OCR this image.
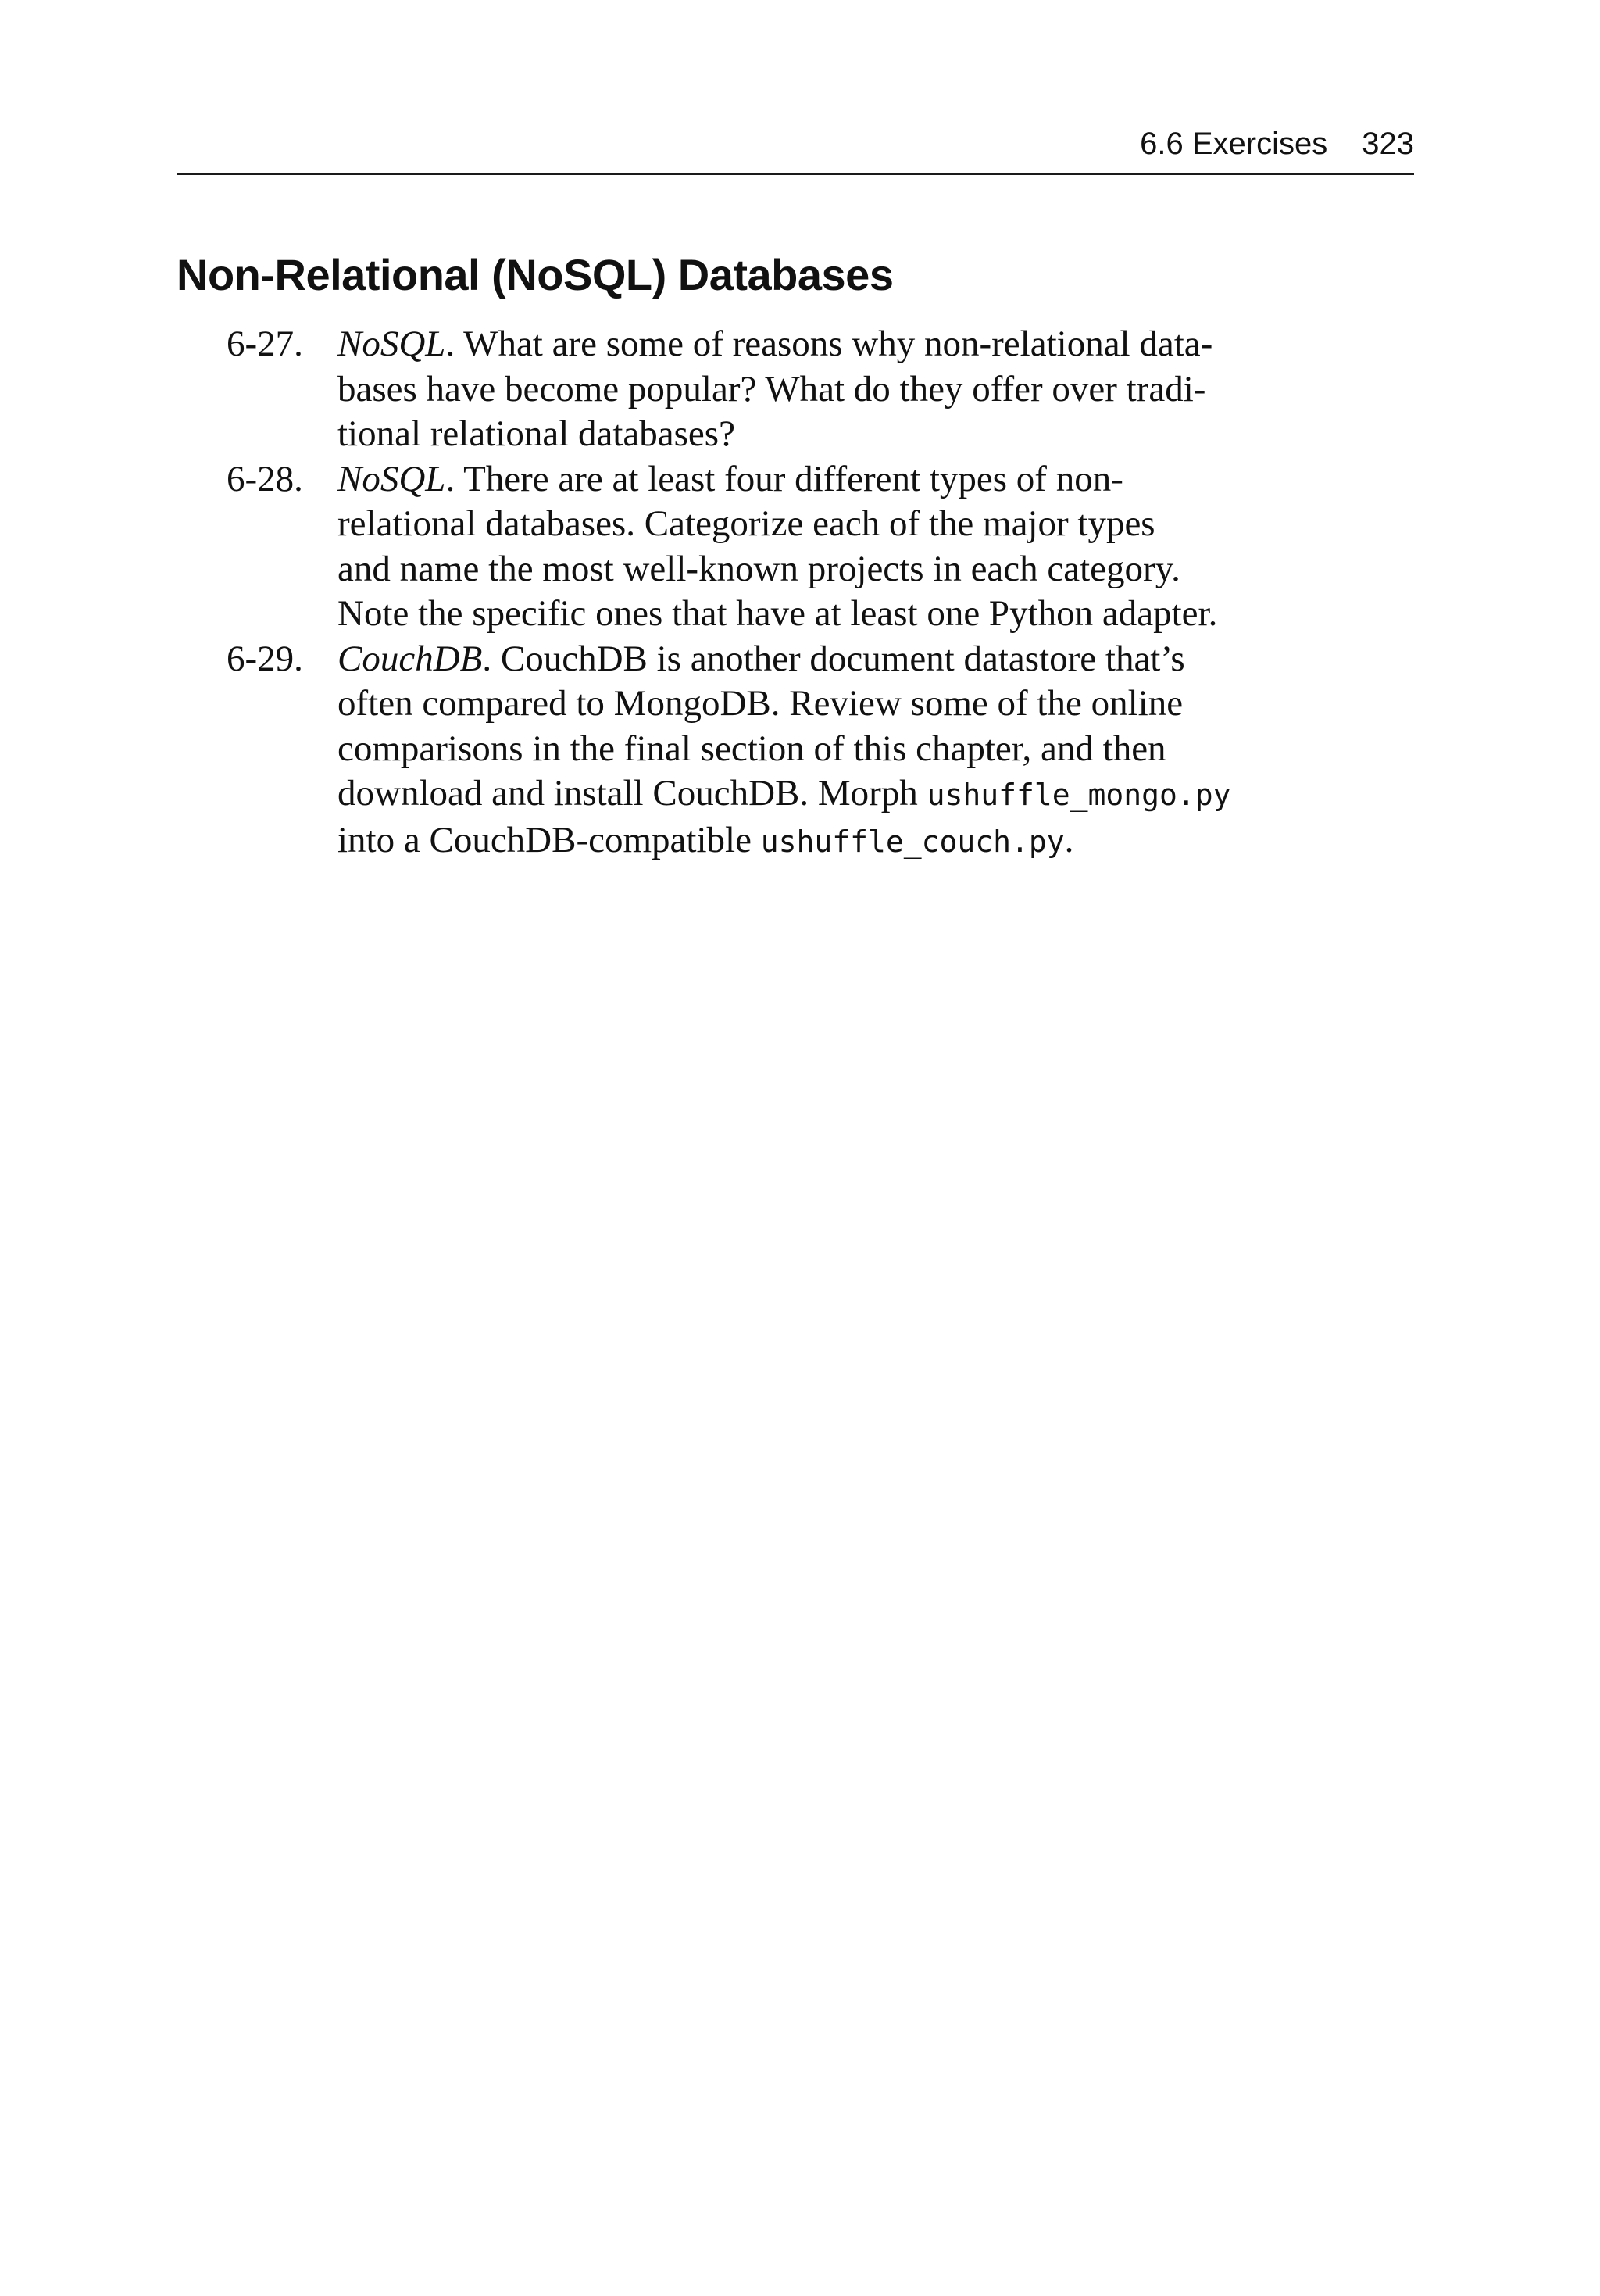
6.6 Exercises 323
Non-Relational (NoSQL) Databases
6-27. NoSQL. What are some of reasons why non-relational data-
bases have become popular? What do they offer over tradi-
tional relational databases?
6-28. NoSQL. There are at least four different types of non-
relational databases. Categorize each of the major types
and name the most well-known projects in each category.
Note the specific ones that have at least one Python adapter.
6-29. CouchDB. CouchDB is another document datastore that’s
often compared to MongoDB. Review some of the online
comparisons in the final section of this chapter, and then
download and install CouchDB. Morph ushuffle_mongo.py
into a CouchDB-compatible ushuffle_couch.py.
